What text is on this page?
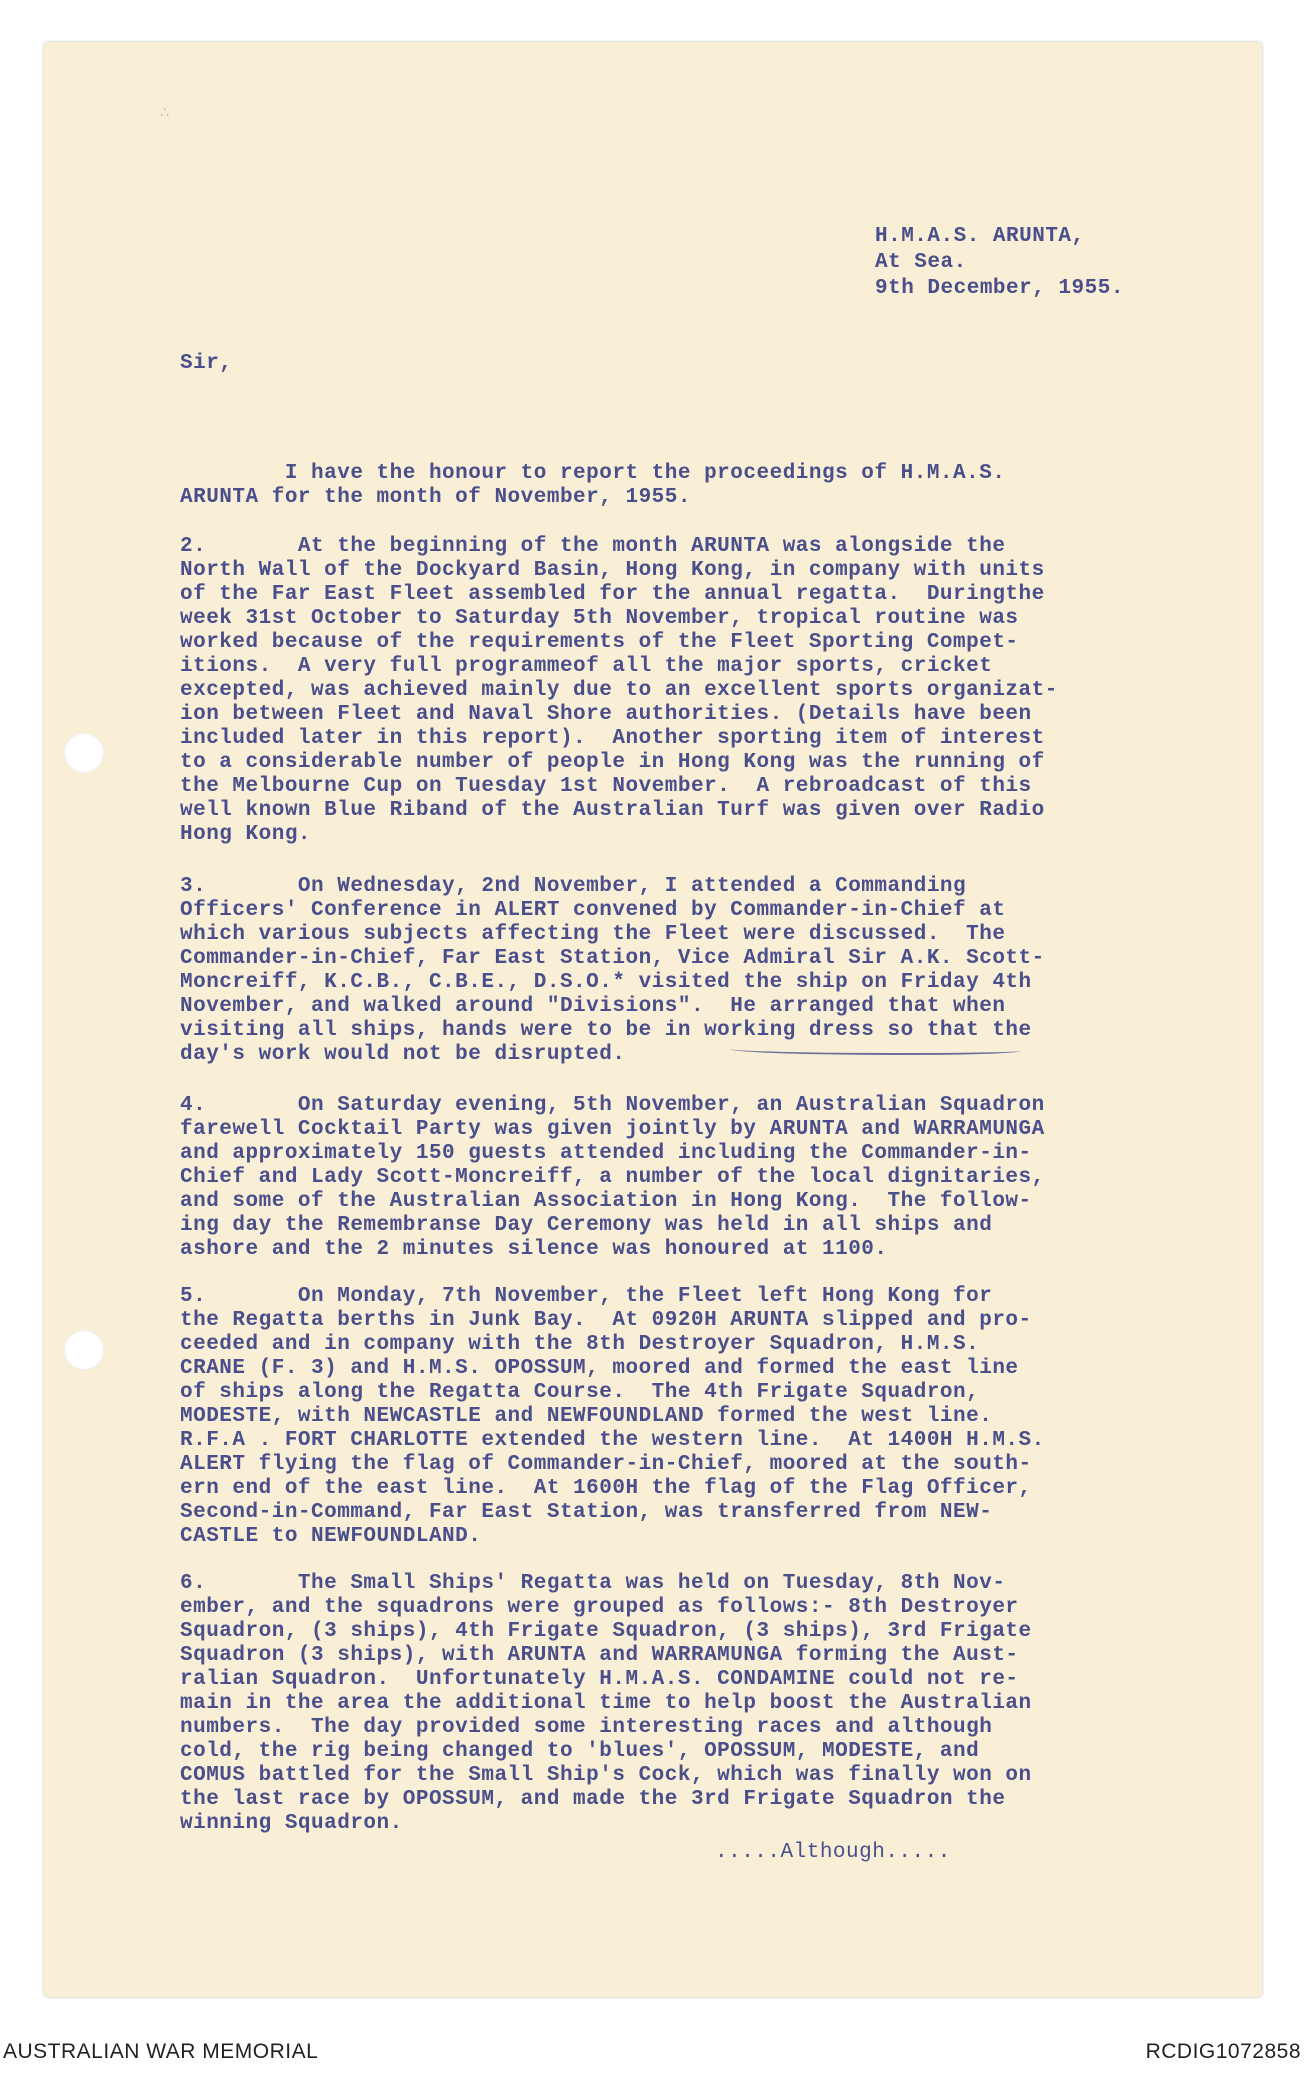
∴
H.M.A.S. ARUNTA,
At Sea.
9th December, 1955.
Sir,
I have the honour to report the proceedings of H.M.A.S.
ARUNTA for the month of November, 1955.
2.       At the beginning of the month ARUNTA was alongside the
North Wall of the Dockyard Basin, Hong Kong, in company with units
of the Far East Fleet assembled for the annual regatta.  Duringthe
week 31st October to Saturday 5th November, tropical routine was
worked because of the requirements of the Fleet Sporting Compet-
itions.  A very full programmeof all the major sports, cricket
excepted, was achieved mainly due to an excellent sports organizat-
ion between Fleet and Naval Shore authorities. (Details have been
included later in this report).  Another sporting item of interest
to a considerable number of people in Hong Kong was the running of
the Melbourne Cup on Tuesday 1st November.  A rebroadcast of this
well known Blue Riband of the Australian Turf was given over Radio
Hong Kong.
3.       On Wednesday, 2nd November, I attended a Commanding
Officers' Conference in ALERT convened by Commander-in-Chief at
which various subjects affecting the Fleet were discussed.  The
Commander-in-Chief, Far East Station, Vice Admiral Sir A.K. Scott-
Moncreiff, K.C.B., C.B.E., D.S.O.* visited the ship on Friday 4th
November, and walked around "Divisions".  He arranged that when
visiting all ships, hands were to be in working dress so that the
day's work would not be disrupted.
4.       On Saturday evening, 5th November, an Australian Squadron
farewell Cocktail Party was given jointly by ARUNTA and WARRAMUNGA
and approximately 150 guests attended including the Commander-in-
Chief and Lady Scott-Moncreiff, a number of the local dignitaries,
and some of the Australian Association in Hong Kong.  The follow-
ing day the Remembranse Day Ceremony was held in all ships and
ashore and the 2 minutes silence was honoured at 1100.
5.       On Monday, 7th November, the Fleet left Hong Kong for
the Regatta berths in Junk Bay.  At 0920H ARUNTA slipped and pro-
ceeded and in company with the 8th Destroyer Squadron, H.M.S.
CRANE (F. 3) and H.M.S. OPOSSUM, moored and formed the east line
of ships along the Regatta Course.  The 4th Frigate Squadron,
MODESTE, with NEWCASTLE and NEWFOUNDLAND formed the west line.
R.F.A . FORT CHARLOTTE extended the western line.  At 1400H H.M.S.
ALERT flying the flag of Commander-in-Chief, moored at the south-
ern end of the east line.  At 1600H the flag of the Flag Officer,
Second-in-Command, Far East Station, was transferred from NEW-
CASTLE to NEWFOUNDLAND.
6.       The Small Ships' Regatta was held on Tuesday, 8th Nov-
ember, and the squadrons were grouped as follows:- 8th Destroyer
Squadron, (3 ships), 4th Frigate Squadron, (3 ships), 3rd Frigate
Squadron (3 ships), with ARUNTA and WARRAMUNGA forming the Aust-
ralian Squadron.  Unfortunately H.M.A.S. CONDAMINE could not re-
main in the area the additional time to help boost the Australian
numbers.  The day provided some interesting races and although
cold, the rig being changed to 'blues', OPOSSUM, MODESTE, and
COMUS battled for the Small Ship's Cock, which was finally won on
the last race by OPOSSUM, and made the 3rd Frigate Squadron the
winning Squadron.
.....Although.....
AUSTRALIAN WAR MEMORIAL	RCDIG1072858
